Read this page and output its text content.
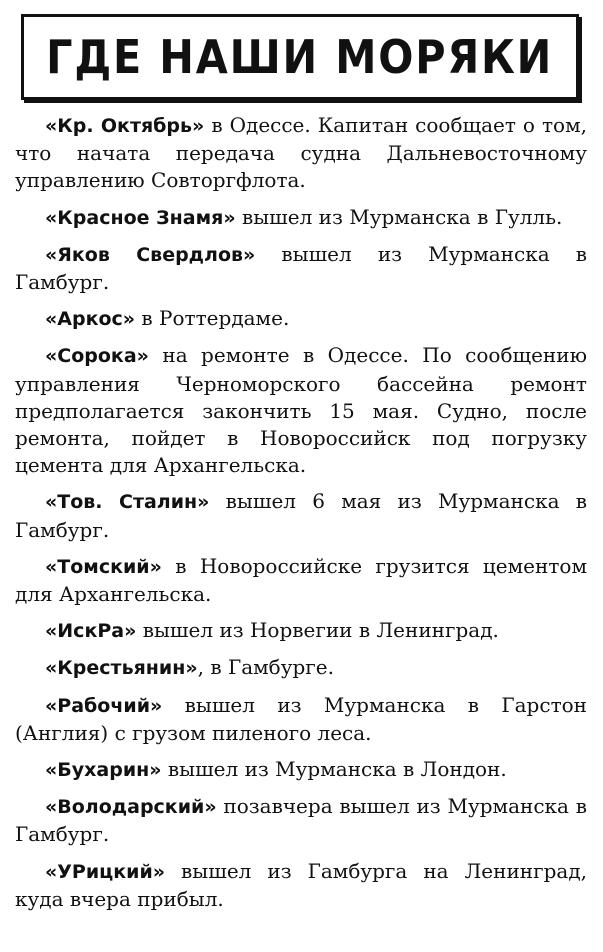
ГДЕ НАШИ МОРЯКИ

«Кр. Октябрь» в Одессе. Капитан сообщает о том, что начата передача судна Дальневосточному управлению Совторгфлота.

«Красное Знамя» вышел из Мурманска в Гулль.

«Яков Свердлов» вышел из Мурманска в Гамбург.

«Аркос» в Роттердаме.

«Сорока» на ремонте в Одессе. По сообщению управления Черноморского бассейна ремонт предполагается закончить 15 мая. Судно, после ремонта, пойдет в Новороссийск под погрузку цемента для Архангельска.

«Тов. Сталин» вышел 6 мая из Мурманска в Гамбург.

«Томский» в Новороссийске грузится цементом для Архангельска.

«ИскРа» вышел из Норвегии в Ленинград.

«Крестьянин», в Гамбурге.

«Рабочий» вышел из Мурманска в Гарстон (Англия) с грузом пиленого леса.

«Бухарин» вышел из Мурманска в Лондон.

«Володарский» позавчера вышел из Мурманска в Гамбург.

«УРицкий» вышел из Гамбурга на Ленинград, куда вчера прибыл.
